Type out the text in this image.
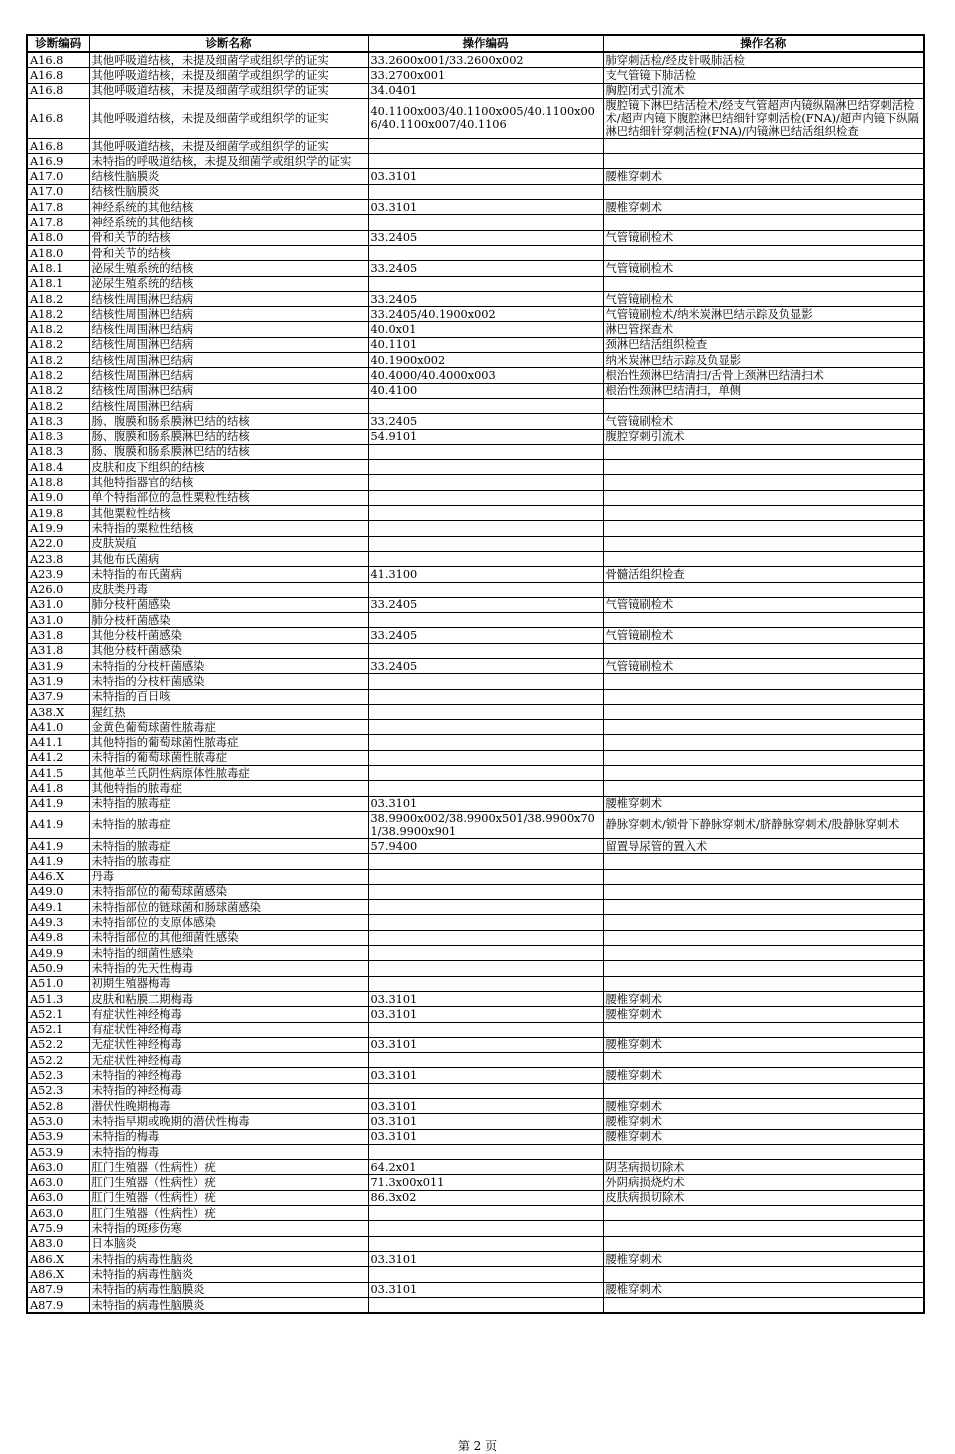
诊断编码	诊断名称	操作编码	操作名称
A16.8	其他呼吸道结核，未提及细菌学或组织学的证实	33.2600x001/33.2600x002	肺穿刺活检/经皮针吸肺活检
A16.8	其他呼吸道结核，未提及细菌学或组织学的证实	33.2700x001	支气管镜下肺活检
A16.8	其他呼吸道结核，未提及细菌学或组织学的证实	34.0401	胸腔闭式引流术
A16.8	其他呼吸道结核，未提及细菌学或组织学的证实	40.1100x003/40.1100x005/40.1100x006/40.1100x007/40.1106	腹腔镜下淋巴结活检术/经支气管超声内镜纵隔淋巴结穿刺活检术/超声内镜下腹腔淋巴结细针穿刺活检(FNA)/超声内镜下纵隔淋巴结细针穿刺活检(FNA)/内镜淋巴结活组织检查
A16.8	其他呼吸道结核，未提及细菌学或组织学的证实		
A16.9	未特指的呼吸道结核，未提及细菌学或组织学的证实		
A17.0	结核性脑膜炎	03.3101	腰椎穿刺术
A17.0	结核性脑膜炎		
A17.8	神经系统的其他结核	03.3101	腰椎穿刺术
A17.8	神经系统的其他结核		
A18.0	骨和关节的结核	33.2405	气管镜刷检术
A18.0	骨和关节的结核		
A18.1	泌尿生殖系统的结核	33.2405	气管镜刷检术
A18.1	泌尿生殖系统的结核		
A18.2	结核性周围淋巴结病	33.2405	气管镜刷检术
A18.2	结核性周围淋巴结病	33.2405/40.1900x002	气管镜刷检术/纳米炭淋巴结示踪及负显影
A18.2	结核性周围淋巴结病	40.0x01	淋巴管探查术
A18.2	结核性周围淋巴结病	40.1101	颈淋巴结活组织检查
A18.2	结核性周围淋巴结病	40.1900x002	纳米炭淋巴结示踪及负显影
A18.2	结核性周围淋巴结病	40.4000/40.4000x003	根治性颈淋巴结清扫/舌骨上颈淋巴结清扫术
A18.2	结核性周围淋巴结病	40.4100	根治性颈淋巴结清扫，单侧
A18.2	结核性周围淋巴结病		
A18.3	肠、腹膜和肠系膜淋巴结的结核	33.2405	气管镜刷检术
A18.3	肠、腹膜和肠系膜淋巴结的结核	54.9101	腹腔穿刺引流术
A18.3	肠、腹膜和肠系膜淋巴结的结核		
A18.4	皮肤和皮下组织的结核		
A18.8	其他特指器官的结核		
A19.0	单个特指部位的急性粟粒性结核		
A19.8	其他粟粒性结核		
A19.9	未特指的粟粒性结核		
A22.0	皮肤炭疽		
A23.8	其他布氏菌病		
A23.9	未特指的布氏菌病	41.3100	骨髓活组织检查
A26.0	皮肤类丹毒		
A31.0	肺分枝杆菌感染	33.2405	气管镜刷检术
A31.0	肺分枝杆菌感染		
A31.8	其他分枝杆菌感染	33.2405	气管镜刷检术
A31.8	其他分枝杆菌感染		
A31.9	未特指的分枝杆菌感染	33.2405	气管镜刷检术
A31.9	未特指的分枝杆菌感染		
A37.9	未特指的百日咳		
A38.X	猩红热		
A41.0	金黄色葡萄球菌性脓毒症		
A41.1	其他特指的葡萄球菌性脓毒症		
A41.2	未特指的葡萄球菌性脓毒症		
A41.5	其他革兰氏阴性病原体性脓毒症		
A41.8	其他特指的脓毒症		
A41.9	未特指的脓毒症	03.3101	腰椎穿刺术
A41.9	未特指的脓毒症	38.9900x002/38.9900x501/38.9900x701/38.9900x901	静脉穿刺术/锁骨下静脉穿刺术/脐静脉穿刺术/股静脉穿刺术
A41.9	未特指的脓毒症	57.9400	留置导尿管的置入术
A41.9	未特指的脓毒症		
A46.X	丹毒		
A49.0	未特指部位的葡萄球菌感染		
A49.1	未特指部位的链球菌和肠球菌感染		
A49.3	未特指部位的支原体感染		
A49.8	未特指部位的其他细菌性感染		
A49.9	未特指的细菌性感染		
A50.9	未特指的先天性梅毒		
A51.0	初期生殖器梅毒		
A51.3	皮肤和粘膜二期梅毒	03.3101	腰椎穿刺术
A52.1	有症状性神经梅毒	03.3101	腰椎穿刺术
A52.1	有症状性神经梅毒		
A52.2	无症状性神经梅毒	03.3101	腰椎穿刺术
A52.2	无症状性神经梅毒		
A52.3	未特指的神经梅毒	03.3101	腰椎穿刺术
A52.3	未特指的神经梅毒		
A52.8	潜伏性晚期梅毒	03.3101	腰椎穿刺术
A53.0	未特指早期或晚期的潜伏性梅毒	03.3101	腰椎穿刺术
A53.9	未特指的梅毒	03.3101	腰椎穿刺术
A53.9	未特指的梅毒		
A63.0	肛门生殖器（性病性）疣	64.2x01	阴茎病损切除术
A63.0	肛门生殖器（性病性）疣	71.3x00x011	外阴病损烧灼术
A63.0	肛门生殖器（性病性）疣	86.3x02	皮肤病损切除术
A63.0	肛门生殖器（性病性）疣		
A75.9	未特指的斑疹伤寒		
A83.0	日本脑炎		
A86.X	未特指的病毒性脑炎	03.3101	腰椎穿刺术
A86.X	未特指的病毒性脑炎		
A87.9	未特指的病毒性脑膜炎	03.3101	腰椎穿刺术
A87.9	未特指的病毒性脑膜炎		
第 2 页
